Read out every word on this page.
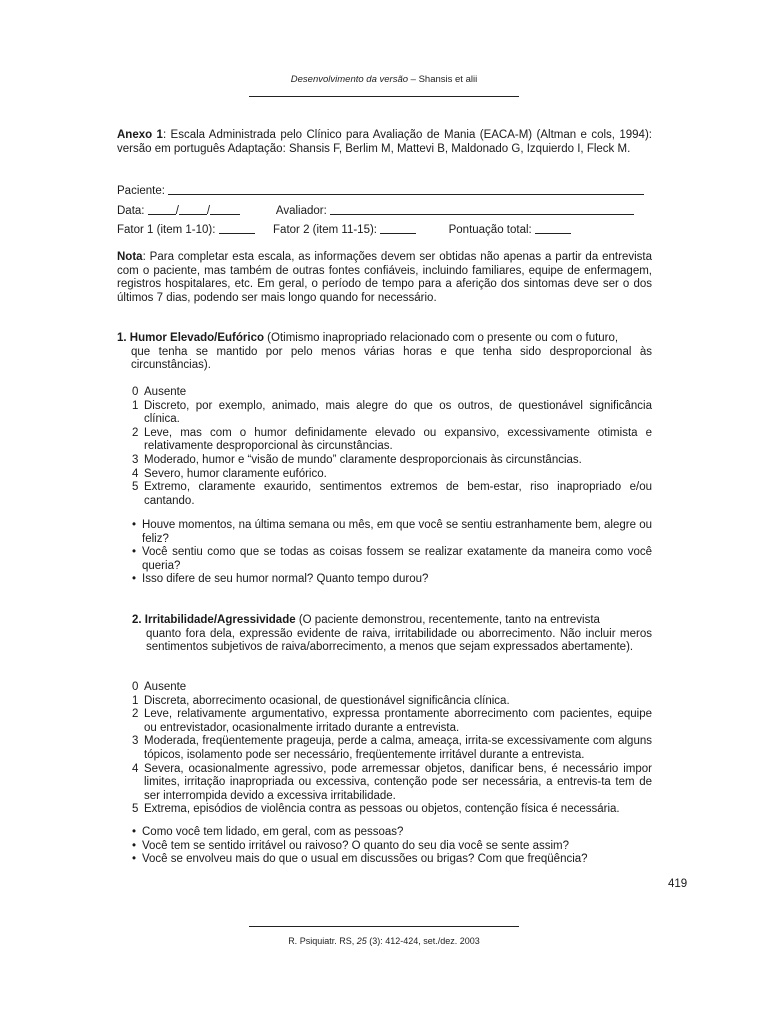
Desenvolvimento da versão – Shansis et alii
Anexo 1: Escala Administrada pelo Clínico para Avaliação de Mania (EACA-M) (Altman e cols, 1994): versão em português Adaptação: Shansis F, Berlim M, Mattevi B, Maldonado G, Izquierdo I, Fleck M.
Paciente:
Data:	/ /	Avaliador:
Fator 1 (item 1-10):	Fator 2 (item 11-15):	Pontuação total:
Nota: Para completar esta escala, as informações devem ser obtidas não apenas a partir da entrevista com o paciente, mas também de outras fontes confiáveis, incluindo familiares, equipe de enfermagem, registros hospitalares, etc. Em geral, o período de tempo para a aferição dos sintomas deve ser o dos últimos 7 dias, podendo ser mais longo quando for necessário.
1. Humor Elevado/Eufórico (Otimismo inapropriado relacionado com o presente ou com o futuro,
que tenha se mantido por pelo menos várias horas e que tenha sido desproporcional às circunstâncias).
0 Ausente
1 Discreto, por exemplo, animado, mais alegre do que os outros, de questionável significância clínica.
2 Leve, mas com o humor definidamente elevado ou expansivo, excessivamente otimista e relativamente desproporcional às circunstâncias.
3 Moderado, humor e “visão de mundo” claramente desproporcionais às circunstâncias.
4 Severo, humor claramente eufórico.
5 Extremo, claramente exaurido, sentimentos extremos de bem-estar, riso inapropriado e/ou cantando.
• Houve momentos, na última semana ou mês, em que você se sentiu estranhamente bem, alegre ou feliz?
• Você sentiu como que se todas as coisas fossem se realizar exatamente da maneira como você queria?
• Isso difere de seu humor normal? Quanto tempo durou?
2. Irritabilidade/Agressividade (O paciente demonstrou, recentemente, tanto na entrevista
quanto fora dela, expressão evidente de raiva, irritabilidade ou aborrecimento. Não incluir meros sentimentos subjetivos de raiva/aborrecimento, a menos que sejam expressados abertamente).
0 Ausente
1 Discreta, aborrecimento ocasional, de questionável significância clínica.
2 Leve, relativamente argumentativo, expressa prontamente aborrecimento com pacientes, equipe ou entrevistador, ocasionalmente irritado durante a entrevista.
3 Moderada, freqüentemente prageuja, perde a calma, ameaça, irrita-se excessivamente com alguns tópicos, isolamento pode ser necessário, freqüentemente irritável durante a entrevista.
4 Severa, ocasionalmente agressivo, pode arremessar objetos, danificar bens, é necessário impor limites, irritação inapropriada ou excessiva, contenção pode ser necessária, a entrevis-ta tem de ser interrompida devido a excessiva irritabilidade.
5 Extrema, episódios de violência contra as pessoas ou objetos, contenção física é necessária.
• Como você tem lidado, em geral, com as pessoas?
• Você tem se sentido irritável ou raivoso? O quanto do seu dia você se sente assim?
• Você se envolveu mais do que o usual em discussões ou brigas? Com que freqüência?
419
R. Psiquiatr. RS, 25 (3): 412-424, set./dez. 2003
